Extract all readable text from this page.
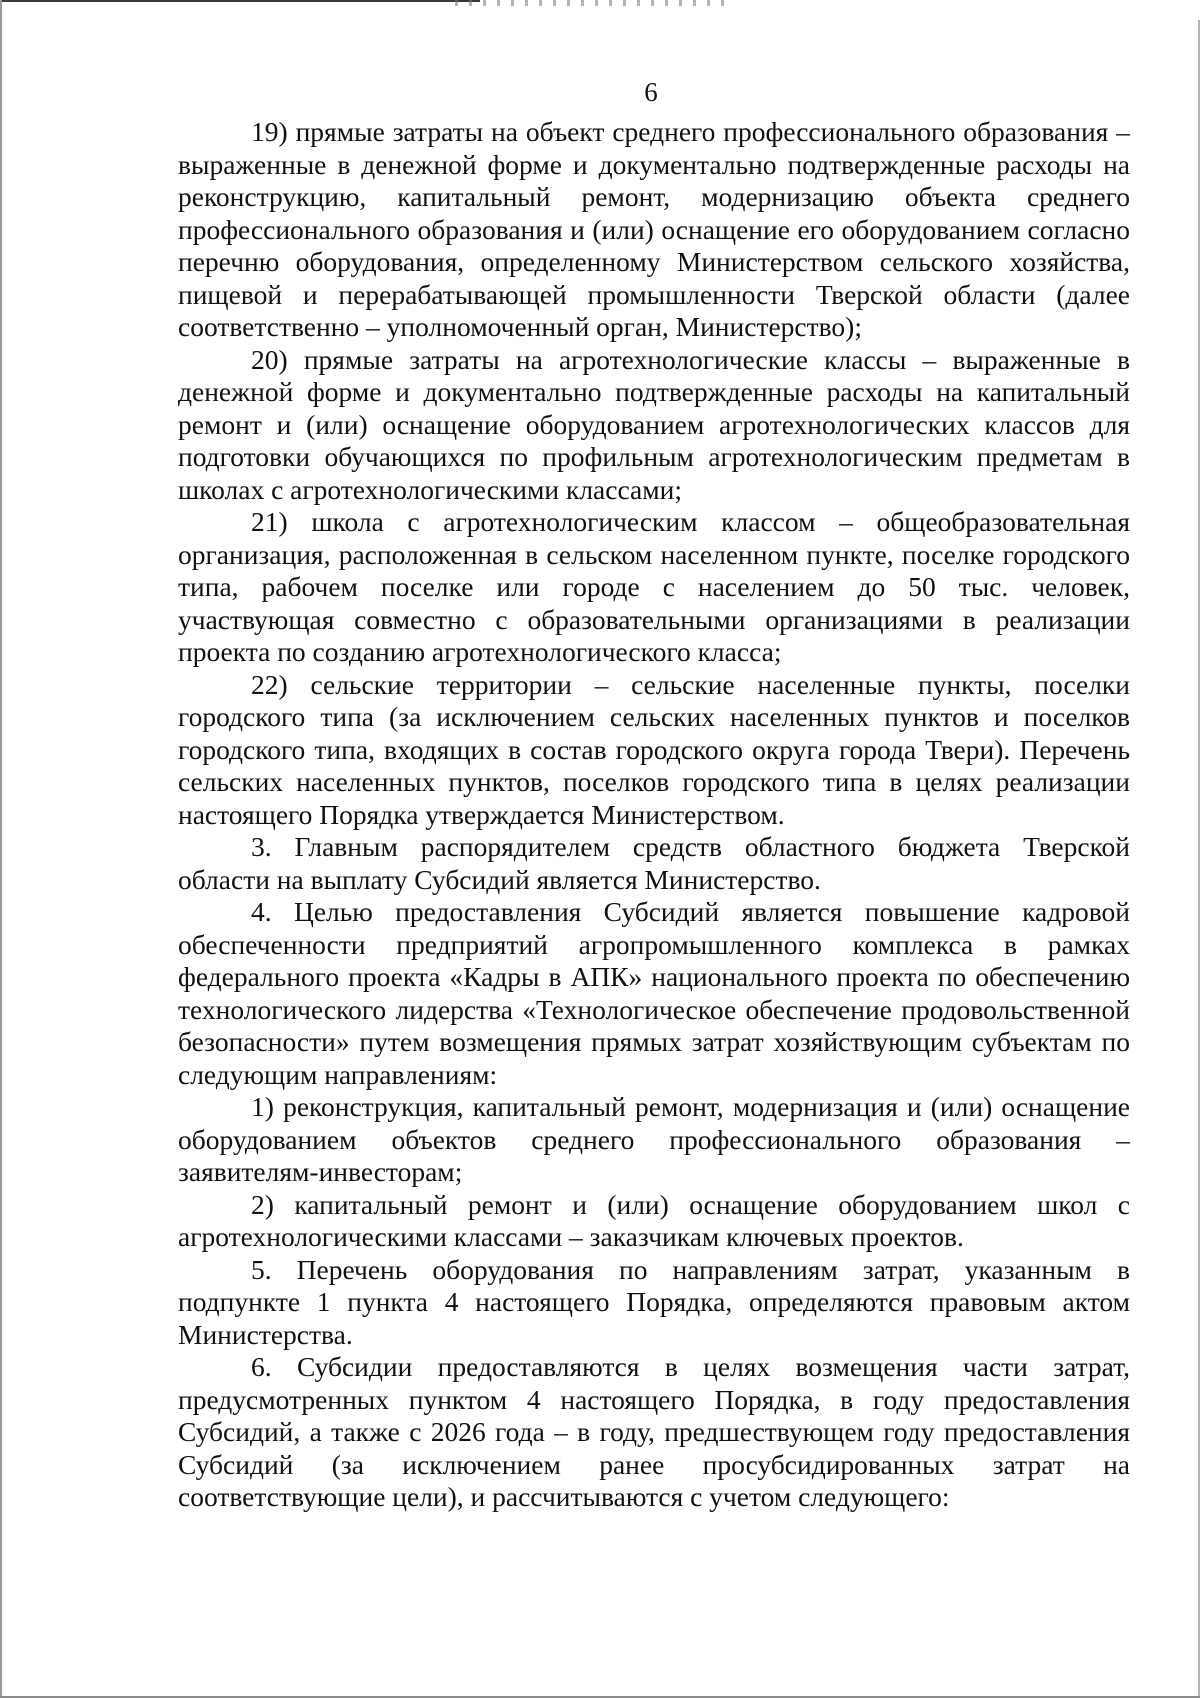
6

19) прямые затраты на объект среднего профессионального образования – выраженные в денежной форме и документально подтвержденные расходы на реконструкцию, капитальный ремонт, модернизацию объекта среднего профессионального образования и (или) оснащение его оборудованием согласно перечню оборудования, определенному Министерством сельского хозяйства, пищевой и перерабатывающей промышленности Тверской области (далее соответственно – уполномоченный орган, Министерство);

20) прямые затраты на агротехнологические классы – выраженные в денежной форме и документально подтвержденные расходы на капитальный ремонт и (или) оснащение оборудованием агротехнологических классов для подготовки обучающихся по профильным агротехнологическим предметам в школах с агротехнологическими классами;

21) школа с агротехнологическим классом – общеобразовательная организация, расположенная в сельском населенном пункте, поселке городского типа, рабочем поселке или городе с населением до 50 тыс. человек, участвующая совместно с образовательными организациями в реализации проекта по созданию агротехнологического класса;

22) сельские территории – сельские населенные пункты, поселки городского типа (за исключением сельских населенных пунктов и поселков городского типа, входящих в состав городского округа города Твери). Перечень сельских населенных пунктов, поселков городского типа в целях реализации настоящего Порядка утверждается Министерством.

3. Главным распорядителем средств областного бюджета Тверской области на выплату Субсидий является Министерство.

4. Целью предоставления Субсидий является повышение кадровой обеспеченности предприятий агропромышленного комплекса в рамках федерального проекта «Кадры в АПК» национального проекта по обеспечению технологического лидерства «Технологическое обеспечение продовольственной безопасности» путем возмещения прямых затрат хозяйствующим субъектам по следующим направлениям:

1) реконструкция, капитальный ремонт, модернизация и (или) оснащение оборудованием объектов среднего профессионального образования – заявителям-инвесторам;

2) капитальный ремонт и (или) оснащение оборудованием школ с агротехнологическими классами – заказчикам ключевых проектов.

5. Перечень оборудования по направлениям затрат, указанным в подпункте 1 пункта 4 настоящего Порядка, определяются правовым актом Министерства.

6. Субсидии предоставляются в целях возмещения части затрат, предусмотренных пунктом 4 настоящего Порядка, в году предоставления Субсидий, а также с 2026 года – в году, предшествующем году предоставления Субсидий (за исключением ранее просубсидированных затрат на соответствующие цели), и рассчитываются с учетом следующего:
